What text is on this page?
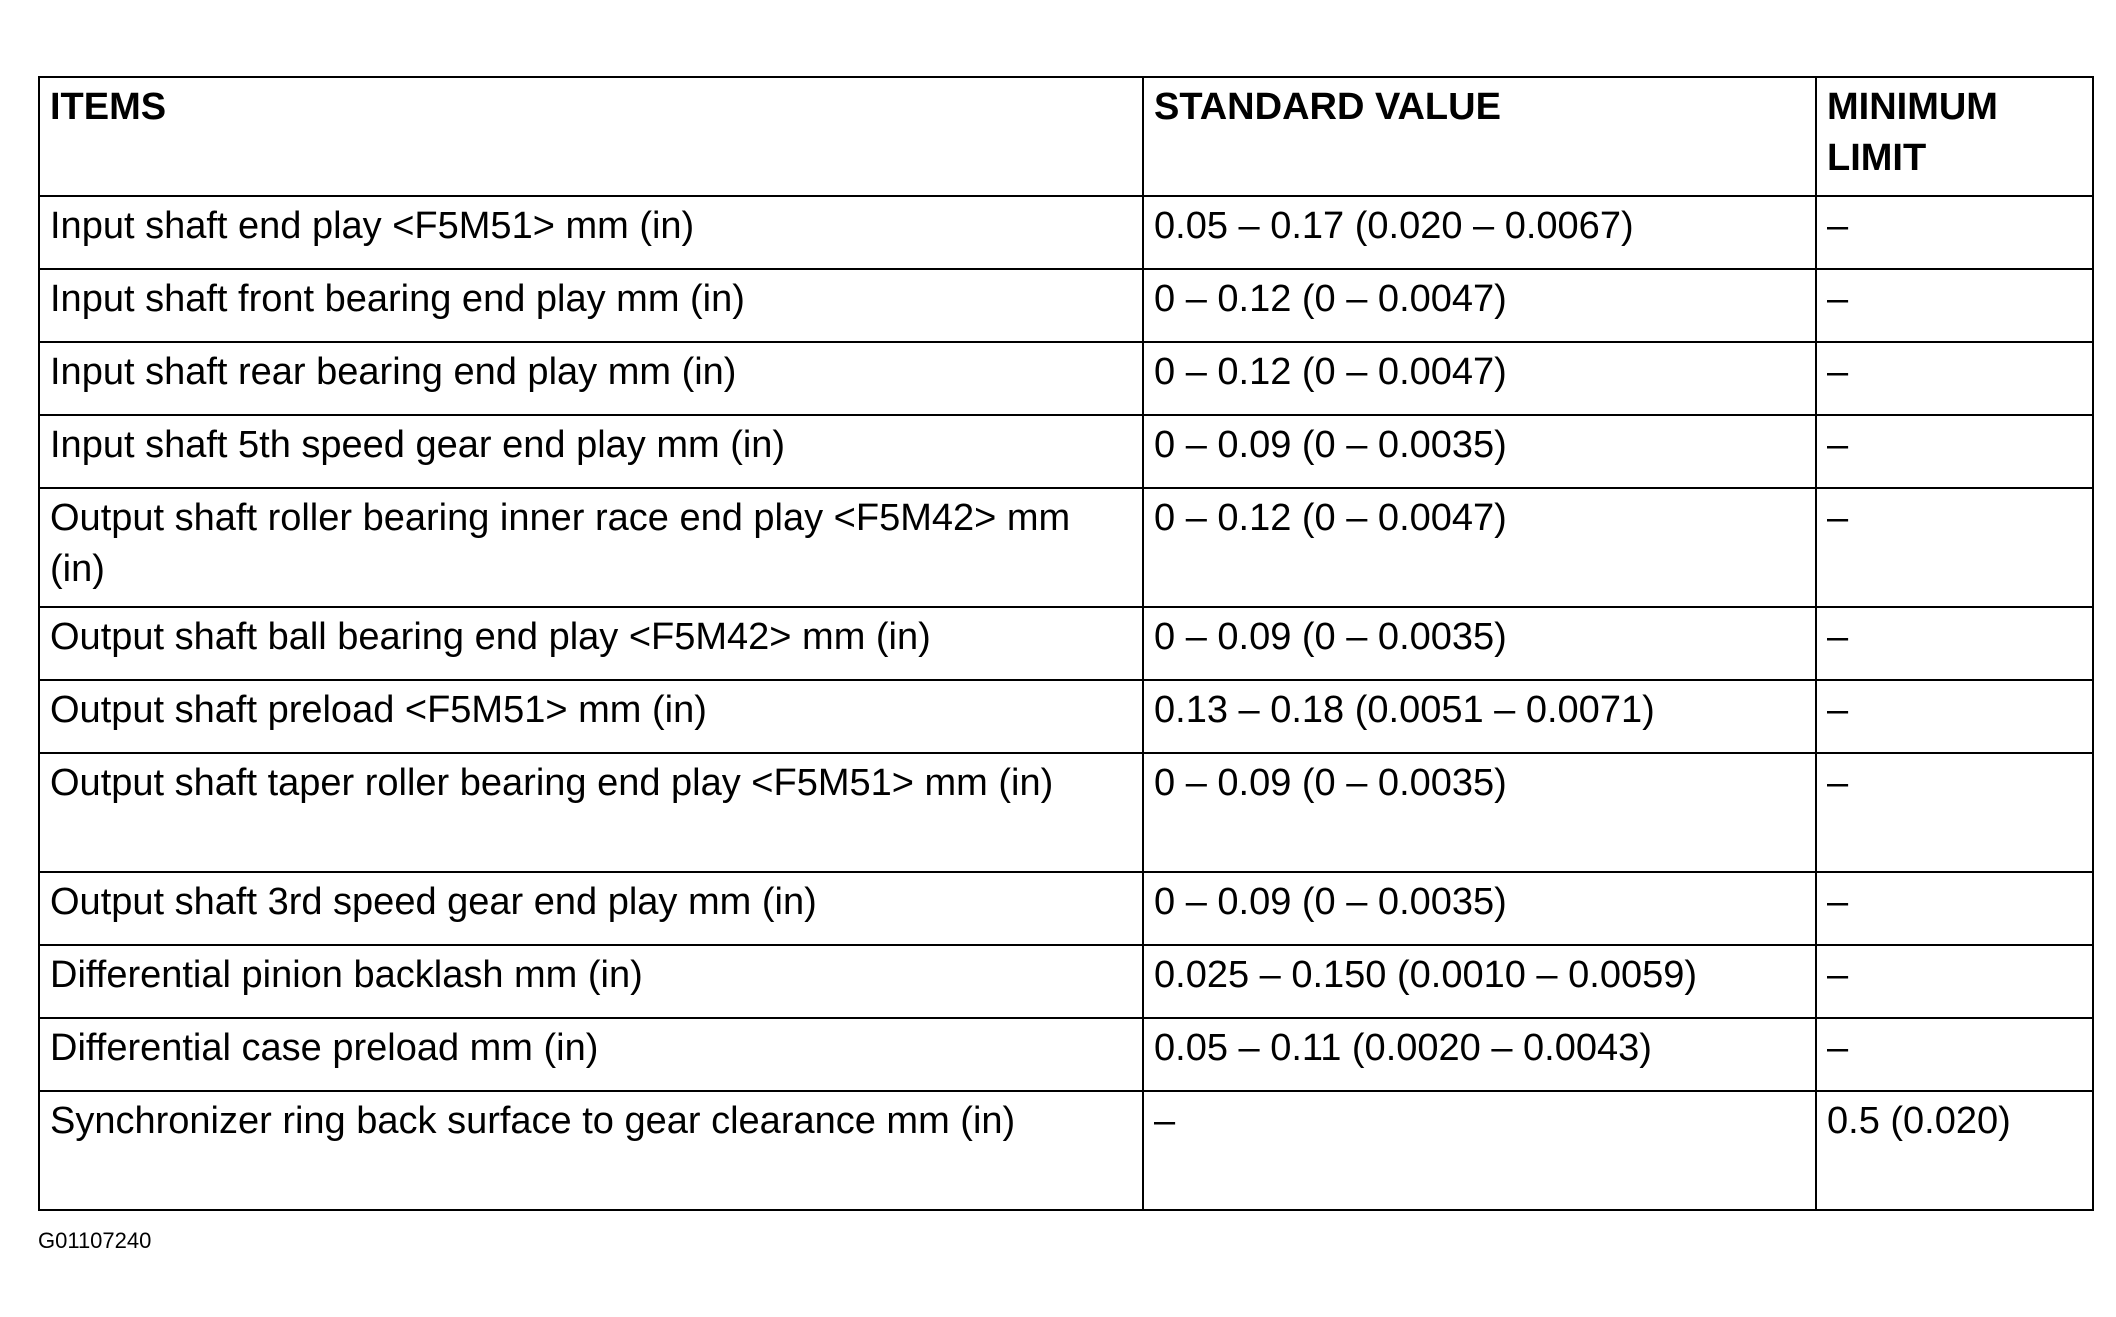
ITEMS	STANDARD VALUE	MINIMUM LIMIT
Input shaft end play <F5M51> mm (in)	0.05 – 0.17 (0.020 – 0.0067)	–
Input shaft front bearing end play mm (in)	0 – 0.12 (0 – 0.0047)	–
Input shaft rear bearing end play mm (in)	0 – 0.12 (0 – 0.0047)	–
Input shaft 5th speed gear end play mm (in)	0 – 0.09 (0 – 0.0035)	–
Output shaft roller bearing inner race end play <F5M42> mm (in)	0 – 0.12 (0 – 0.0047)	–
Output shaft ball bearing end play <F5M42> mm (in)	0 – 0.09 (0 – 0.0035)	–
Output shaft preload <F5M51> mm (in)	0.13 – 0.18 (0.0051 – 0.0071)	–
Output shaft taper roller bearing end play <F5M51> mm (in)	0 – 0.09 (0 – 0.0035)	–
Output shaft 3rd speed gear end play mm (in)	0 – 0.09 (0 – 0.0035)	–
Differential pinion backlash mm (in)	0.025 – 0.150 (0.0010 – 0.0059)	–
Differential case preload mm (in)	0.05 – 0.11 (0.0020 – 0.0043)	–
Synchronizer ring back surface to gear clearance mm (in)	–	0.5 (0.020)
G01107240
